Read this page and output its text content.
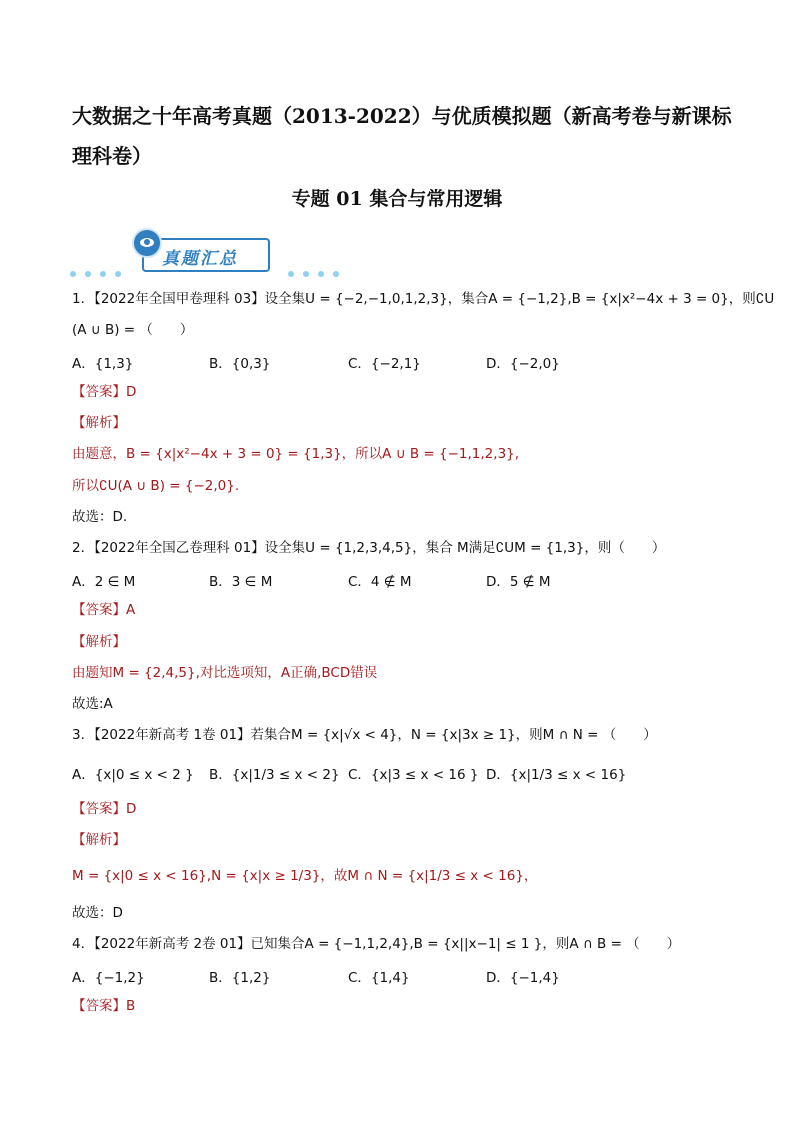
大数据之十年高考真题（2013-2022）与优质模拟题（新高考卷与新课标理科卷）
专题 01 集合与常用逻辑
真题汇总
1．【2022年全国甲卷理科 03】设全集U = {−2,−1,0,1,2,3}，集合A = {−1,2},B = {x|x²−4x + 3 = 0}，则∁U
(A ∪ B) = （　　）
A．{1,3}	B．{0,3}	C．{−2,1}	D．{−2,0}
【答案】D
【解析】
由题意，B = {x|x²−4x + 3 = 0} = {1,3}，所以A ∪ B = {−1,1,2,3},
所以∁U(A ∪ B) = {−2,0}.
故选：D.
2．【2022年全国乙卷理科 01】设全集U = {1,2,3,4,5}，集合 M满足∁UM = {1,3}，则（　　）
A．2 ∈ M	B．3 ∈ M	C．4 ∉ M	D．5 ∉ M
【答案】A
【解析】
由题知M = {2,4,5},对比选项知，A正确,BCD错误
故选:A
3．【2022年新高考 1卷 01】若集合M = {x|√x < 4}，N = {x|3x ≥ 1}，则M ∩ N = （　　）
A．{x|0 ≤ x < 2 } B．{x|1/3 ≤ x < 2} C．{x|3 ≤ x < 16 } D．{x|1/3 ≤ x < 16}
【答案】D
【解析】
M = {x|0 ≤ x < 16},N = {x|x ≥ 1/3}，故M ∩ N = {x|1/3 ≤ x < 16}，
故选：D
4．【2022年新高考 2卷 01】已知集合A = {−1,1,2,4},B = {x||x−1| ≤ 1 }，则A ∩ B = （　　）
A．{−1,2}	B．{1,2}	C．{1,4}	D．{−1,4}
【答案】B
